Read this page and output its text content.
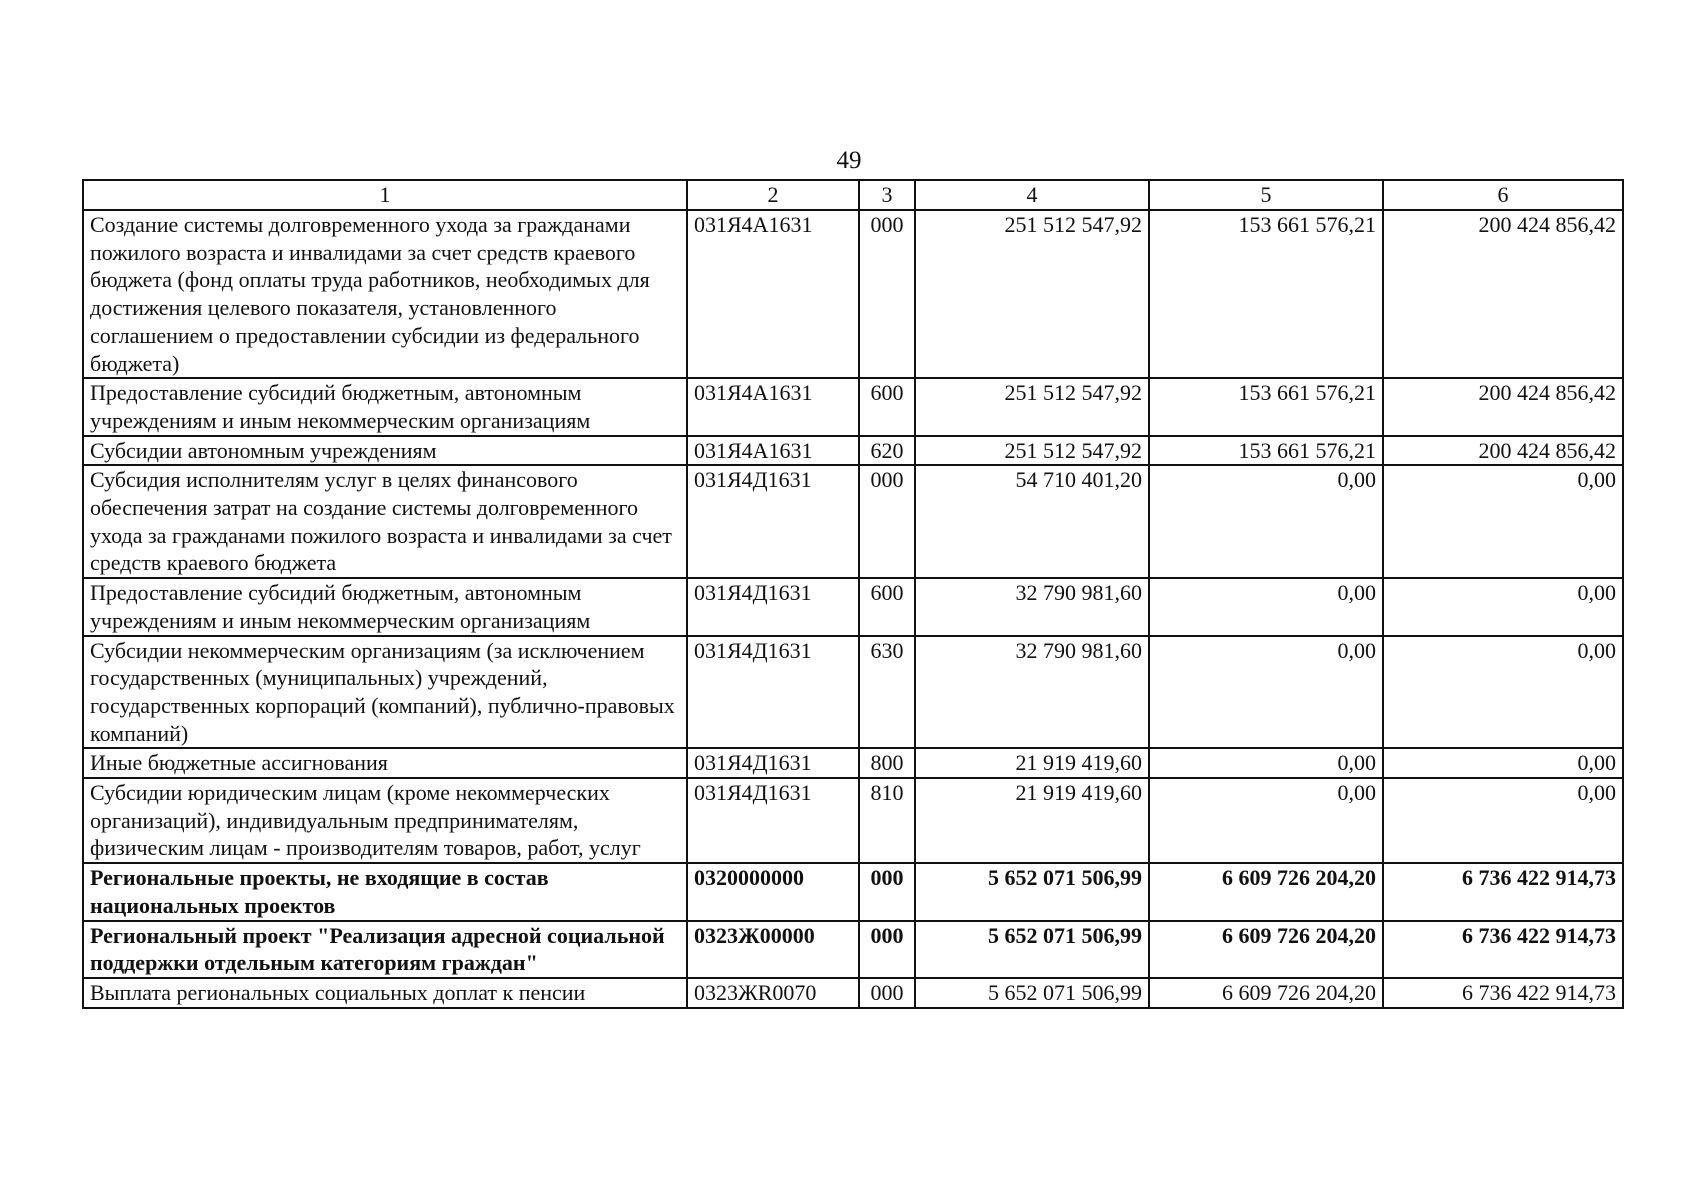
49
1	2	3	4	5	6
Создание системы долговременного ухода за гражданами пожилого возраста и инвалидами за счет средств краевого бюджета (фонд оплаты труда работников, необходимых для достижения целевого показателя, установленного соглашением о предоставлении субсидии из федерального бюджета)	031Я4А1631	000	251 512 547,92	153 661 576,21	200 424 856,42
Предоставление субсидий бюджетным, автономным учреждениям и иным некоммерческим организациям	031Я4А1631	600	251 512 547,92	153 661 576,21	200 424 856,42
Субсидии автономным учреждениям	031Я4А1631	620	251 512 547,92	153 661 576,21	200 424 856,42
Субсидия исполнителям услуг в целях финансового обеспечения затрат на создание системы долговременного ухода за гражданами пожилого возраста и инвалидами за счет средств краевого бюджета	031Я4Д1631	000	54 710 401,20	0,00	0,00
Предоставление субсидий бюджетным, автономным учреждениям и иным некоммерческим организациям	031Я4Д1631	600	32 790 981,60	0,00	0,00
Субсидии некоммерческим организациям (за исключением государственных (муниципальных) учреждений, государственных корпораций (компаний), публично-правовых компаний)	031Я4Д1631	630	32 790 981,60	0,00	0,00
Иные бюджетные ассигнования	031Я4Д1631	800	21 919 419,60	0,00	0,00
Субсидии юридическим лицам (кроме некоммерческих организаций), индивидуальным предпринимателям, физическим лицам - производителям товаров, работ, услуг	031Я4Д1631	810	21 919 419,60	0,00	0,00
Региональные проекты, не входящие в состав национальных проектов	0320000000	000	5 652 071 506,99	6 609 726 204,20	6 736 422 914,73
Региональный проект "Реализация адресной социальной поддержки отдельным категориям граждан"	0323Ж00000	000	5 652 071 506,99	6 609 726 204,20	6 736 422 914,73
Выплата региональных социальных доплат к пенсии	0323ЖR0070	000	5 652 071 506,99	6 609 726 204,20	6 736 422 914,73
